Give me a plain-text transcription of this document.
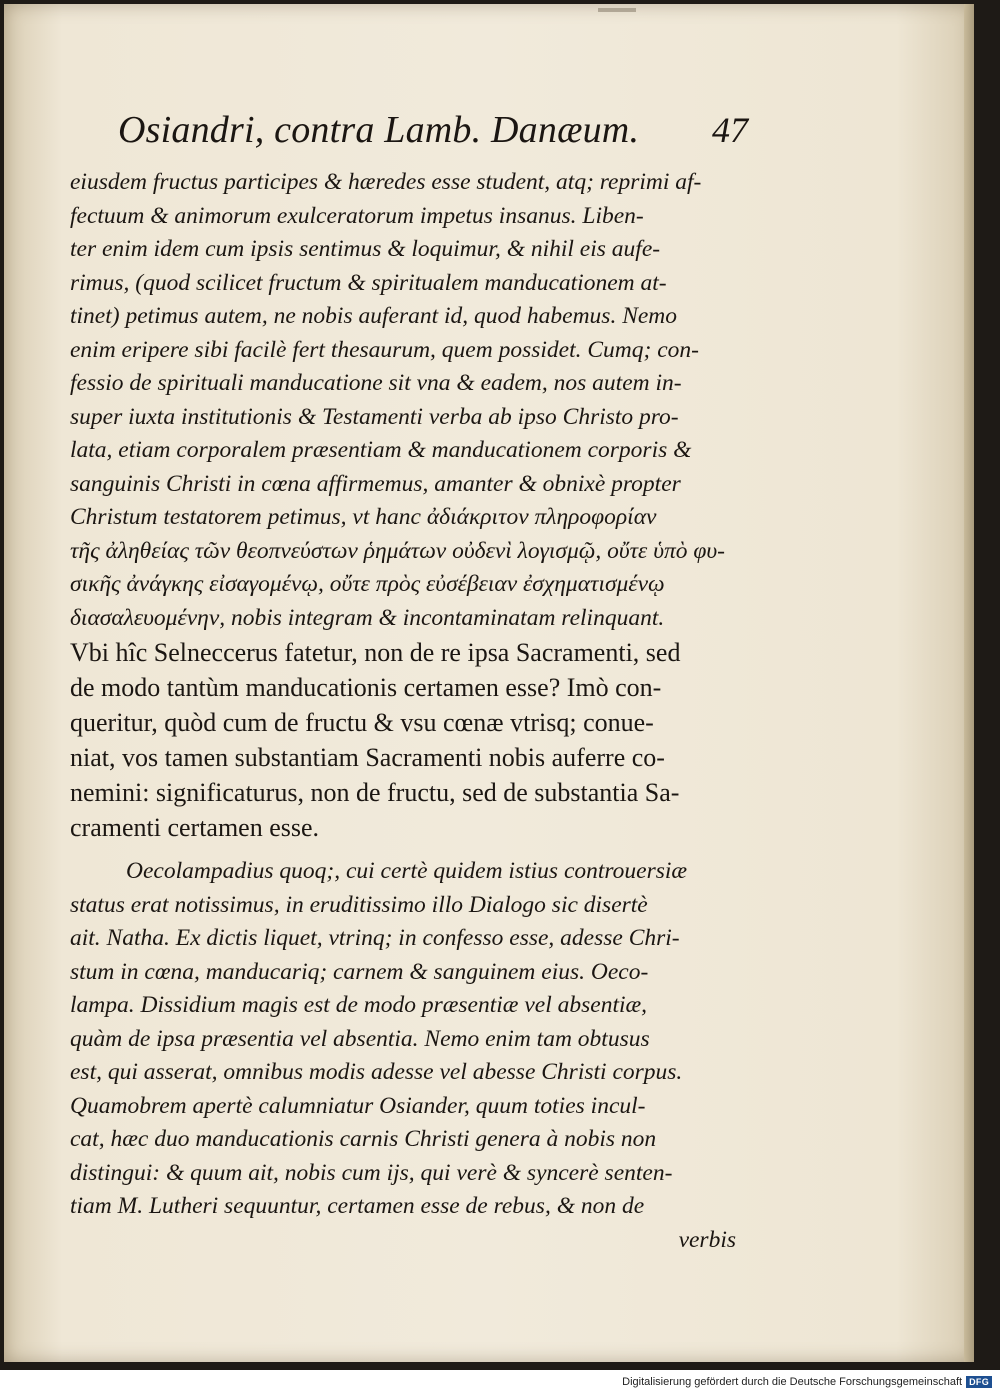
Osiandri, contra Lamb. Danæum. 47
eiusdem fructus participes & hæredes esse student, atq; reprimi af-
fectuum & animorum exulceratorum impetus insanus. Liben-
ter enim idem cum ipsis sentimus & loquimur, & nihil eis aufe-
rimus, (quod scilicet fructum & spiritualem manducationem at-
tinet) petimus autem, ne nobis auferant id, quod habemus. Nemo
enim eripere sibi facilè fert thesaurum, quem possidet. Cumq; con-
fessio de spirituali manducatione sit vna & eadem, nos autem in-
super iuxta institutionis & Testamenti verba ab ipso Christo pro-
lata, etiam corporalem præsentiam & manducationem corporis &
sanguinis Christi in cœna affirmemus, amanter & obnixè propter
Christum testatorem petimus, vt hanc ἀδιάκριτον πληροφορίαν
τῆς ἀληθείας τῶν θεοπνεύστων ῥημάτων οὐδενὶ λογισμῷ, οὔτε ὑπὸ φυ-
σικῆς ἀνάγκης εἰσαγομένῳ, οὔτε πρὸς εὐσέβειαν ἐσχηματισμένῳ
διασαλευομένην, nobis integram & incontaminatam relinquant.
Vbi hîc Selneccerus fatetur, non de re ipsa Sacramenti, sed
de modo tantùm manducationis certamen esse? Imò con-
queritur, quòd cum de fructu & vsu cœnæ vtrisq; conue-
niat, vos tamen substantiam Sacramenti nobis auferre co-
nemini: significaturus, non de fructu, sed de substantia Sa-
cramenti certamen esse.
Oecolampadius quoq;, cui certè quidem istius controuersiæ
status erat notissimus, in eruditissimo illo Dialogo sic disertè
ait. Natha. Ex dictis liquet, vtrinq; in confesso esse, adesse Chri-
stum in cœna, manducariq; carnem & sanguinem eius. Oeco-
lampa. Dissidium magis est de modo præsentiæ vel absentiæ,
quàm de ipsa præsentia vel absentia. Nemo enim tam obtusus
est, qui asserat, omnibus modis adesse vel abesse Christi corpus.
Quamobrem apertè calumniatur Osiander, quum toties incul-
cat, hæc duo manducationis carnis Christi genera à nobis non
distingui: & quum ait, nobis cum ijs, qui verè & syncerè senten-
tiam M. Lutheri sequuntur, certamen esse de rebus, & non de
verbis
Digitalisierung gefördert durch die Deutsche Forschungsgemeinschaft DFG
